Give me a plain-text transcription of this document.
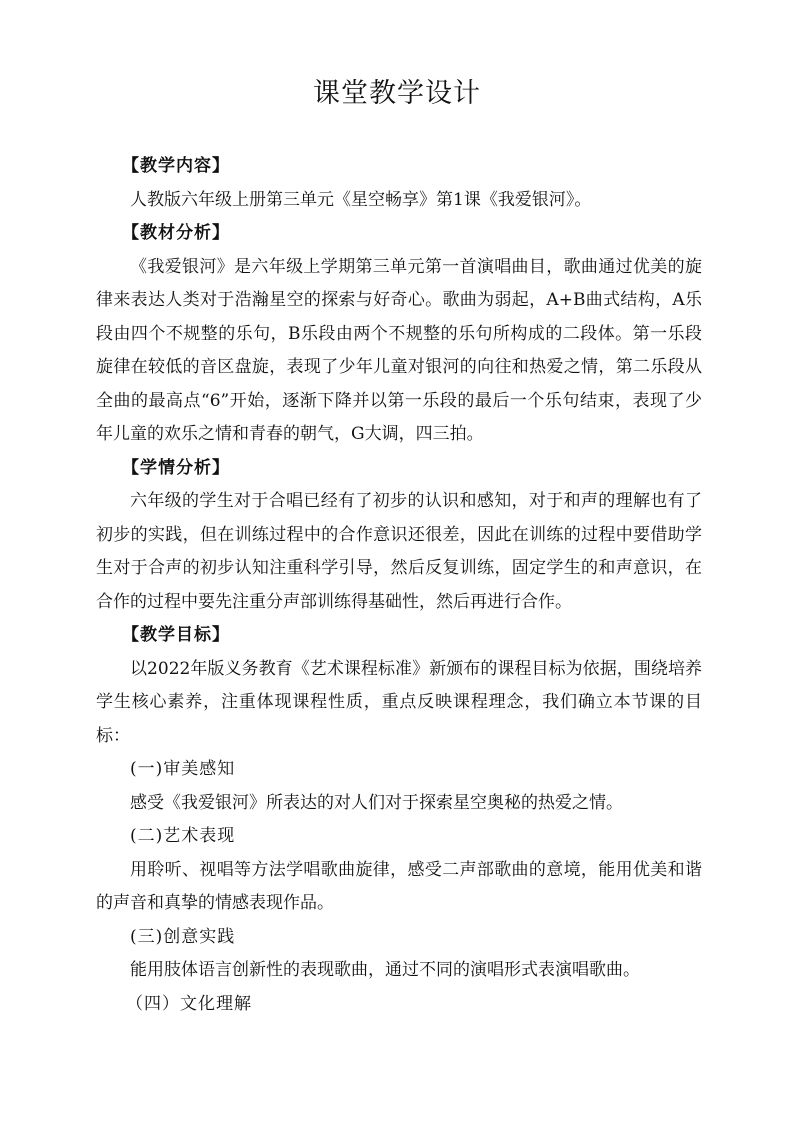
课堂教学设计

【教学内容】

人教版六年级上册第三单元《星空畅享》第1课《我爱银河》。

【教材分析】

《我爱银河》是六年级上学期第三单元第一首演唱曲目，歌曲通过优美的旋律来表达人类对于浩瀚星空的探索与好奇心。歌曲为弱起，A+B曲式结构，A乐段由四个不规整的乐句，B乐段由两个不规整的乐句所构成的二段体。第一乐段旋律在较低的音区盘旋，表现了少年儿童对银河的向往和热爱之情，第二乐段从全曲的最高点“6”开始，逐渐下降并以第一乐段的最后一个乐句结束，表现了少年儿童的欢乐之情和青春的朝气，G大调，四三拍。

【学情分析】

六年级的学生对于合唱已经有了初步的认识和感知，对于和声的理解也有了初步的实践，但在训练过程中的合作意识还很差，因此在训练的过程中要借助学生对于合声的初步认知注重科学引导，然后反复训练，固定学生的和声意识，在合作的过程中要先注重分声部训练得基础性，然后再进行合作。

【教学目标】

以2022年版义务教育《艺术课程标准》新颁布的课程目标为依据，围绕培养学生核心素养，注重体现课程性质，重点反映课程理念，我们确立本节课的目标：

(一)审美感知

感受《我爱银河》所表达的对人们对于探索星空奥秘的热爱之情。

(二)艺术表现

用聆听、视唱等方法学唱歌曲旋律，感受二声部歌曲的意境，能用优美和谐的声音和真挚的情感表现作品。

(三)创意实践

能用肢体语言创新性的表现歌曲，通过不同的演唱形式表演唱歌曲。

（四）文化理解
